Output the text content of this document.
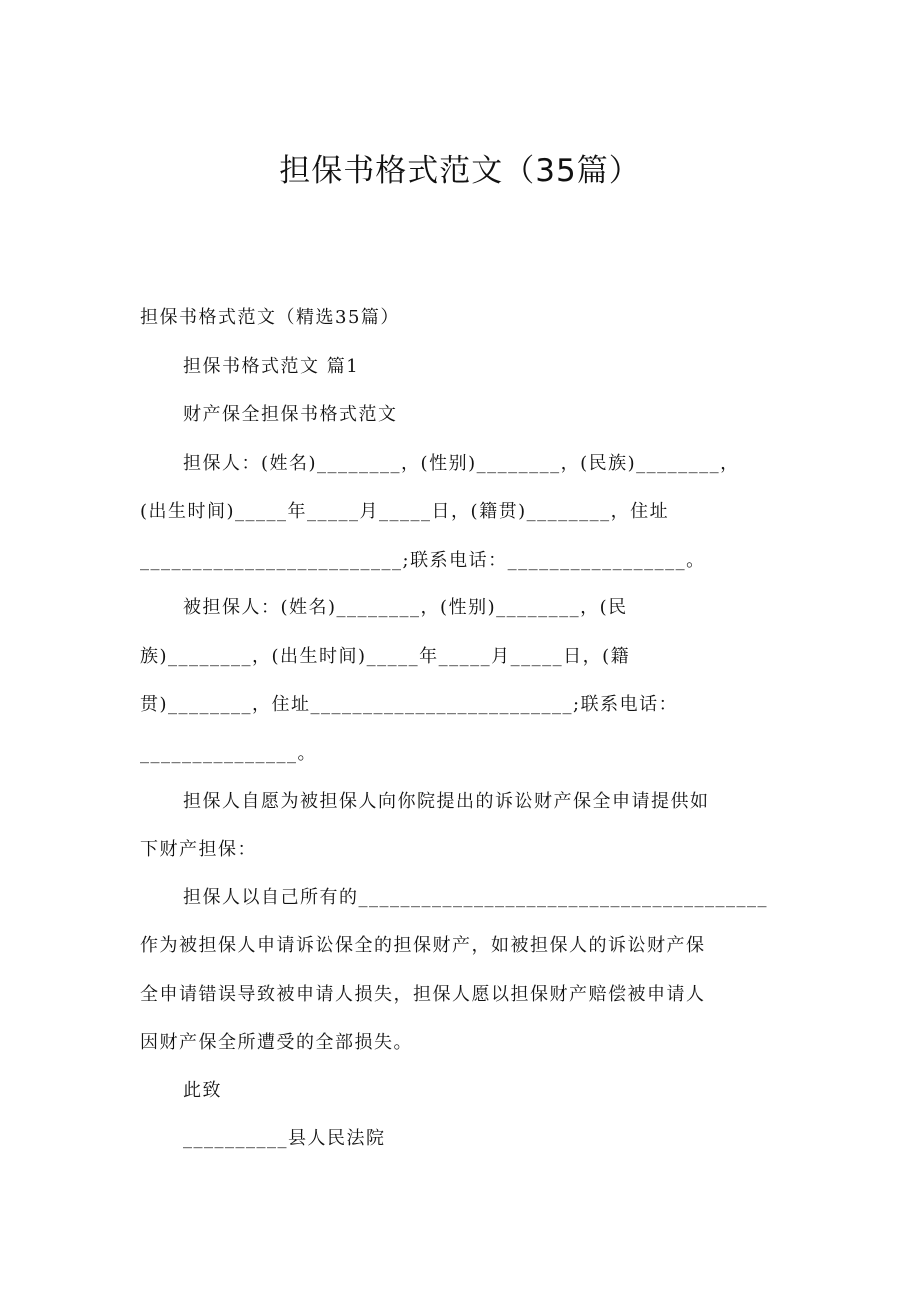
担保书格式范文（35篇）

担保书格式范文（精选35篇）

担保书格式范文 篇1

财产保全担保书格式范文

担保人：(姓名)________，(性别)________，(民族)________，

(出生时间)_____年_____月_____日，(籍贯)________，住址

_________________________;联系电话：_________________。

被担保人：(姓名)________，(性别)________，(民

族)________，(出生时间)_____年_____月_____日，(籍

贯)________，住址_________________________;联系电话：

_______________。

担保人自愿为被担保人向你院提出的诉讼财产保全申请提供如

下财产担保：

担保人以自己所有的_______________________________________

作为被担保人申请诉讼保全的担保财产，如被担保人的诉讼财产保

全申请错误导致被申请人损失，担保人愿以担保财产赔偿被申请人

因财产保全所遭受的全部损失。

此致

__________县人民法院
